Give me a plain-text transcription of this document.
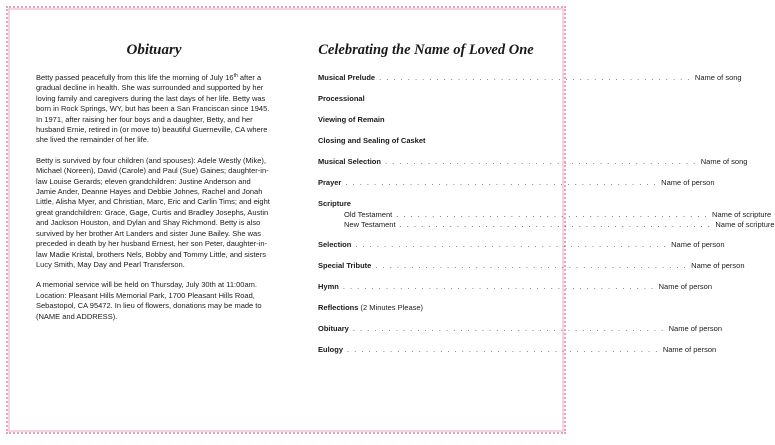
Obituary

Betty passed peacefully from this life the morning of July 16th after a gradual decline in health. She was surrounded and supported by her loving family and caregivers during the last days of her life. Betty was born in Rock Springs, WY, but has been a San Franciscan since 1945. In 1971, after raising her four boys and a daughter, Betty, and her husband Ernie, retired in (or move to) beautiful Guerneville, CA where she lived the remainder of her life.

Betty is survived by four children (and spouses): Adele Westly (Mike), Michael (Noreen), David (Carole) and Paul (Sue) Gaines; daughter-in-law Louise Gerards; eleven grandchildren: Justine Anderson and Jamie Ander, Deanne Hayes and Debbie Johnes, Rachel and Jonah Little, Alisha Myer, and Christian, Marc, Eric and Carlin Tims; and eight great grandchildren: Grace, Gage, Curtis and Bradley Josephs, Austin and Jackson Houston, and Dylan and Shay Richmond. Betty is also survived by her brother Art Landers and sister June Bailey. She was preceded in death by her husband Ernest, her son Peter, daughter-in-law Madie Kristal, brothers Nels, Bobby and Tommy Little, and sisters Lucy Smith, May Day and Pearl Transferson.

A memorial service will be held on Thursday, July 30th at 11:00am. Location: Pleasant Hills Memorial Park, 1700 Pleasant Hills Road, Sebastopol, CA 95472. In lieu of flowers, donations may be made to (NAME and ADDRESS).

Celebrating the Name of Loved One
Musical Prelude . . . . . . . . . . . . . . . . . . . . . . . . . . . . . . . . . . . . . . . . . . . . Name of song
Processional
Viewing of Remain
Closing and Sealing of Casket
Musical Selection . . . . . . . . . . . . . . . . . . . . . . . . . . . . . . . . . . . . . . . . . . . . Name of song
Prayer . . . . . . . . . . . . . . . . . . . . . . . . . . . . . . . . . . . . . . . . . . . . Name of person
Scripture
Old Testament . . . . . . . . . . . . . . . . . . . . . . . . . . . . . . . . . . . . . . . . . . . . Name of scripture
New Testament . . . . . . . . . . . . . . . . . . . . . . . . . . . . . . . . . . . . . . . . . . . . Name of scripture
Selection . . . . . . . . . . . . . . . . . . . . . . . . . . . . . . . . . . . . . . . . . . . . Name of person
Special Tribute . . . . . . . . . . . . . . . . . . . . . . . . . . . . . . . . . . . . . . . . . . . . Name of person
Hymn . . . . . . . . . . . . . . . . . . . . . . . . . . . . . . . . . . . . . . . . . . . . Name of person
Reflections (2 Minutes Please)
Obituary . . . . . . . . . . . . . . . . . . . . . . . . . . . . . . . . . . . . . . . . . . . . Name of person
Eulogy . . . . . . . . . . . . . . . . . . . . . . . . . . . . . . . . . . . . . . . . . . . . Name of person
